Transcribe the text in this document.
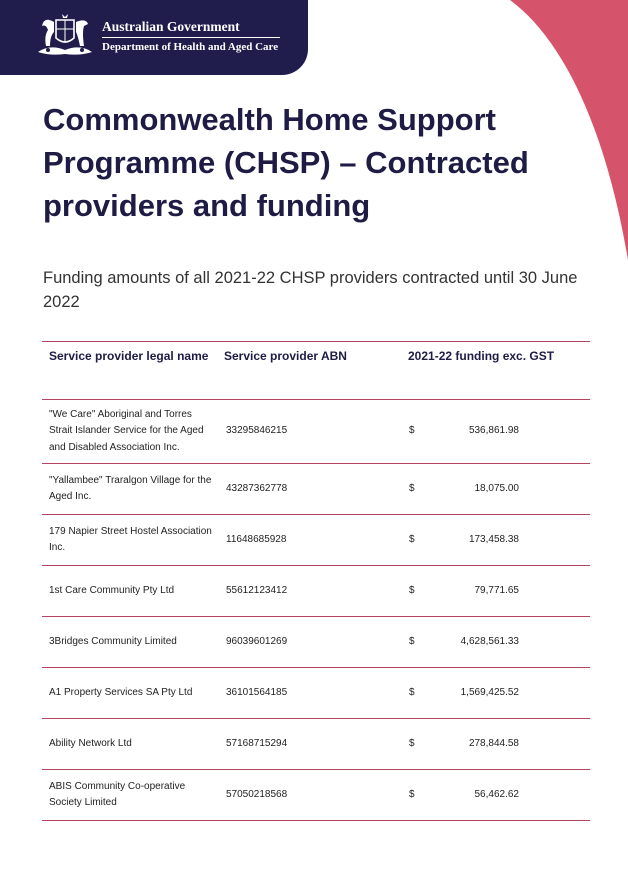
Australian Government
Department of Health and Aged Care
Commonwealth Home Support Programme (CHSP) – Contracted providers and funding

Funding amounts of all 2021-22 CHSP providers contracted until 30 June 2022

Service provider legal name	Service provider ABN	2021-22 funding exc. GST
"We Care" Aboriginal and Torres Strait Islander Service for the Aged and Disabled Association Inc.	33295846215	$ 536,861.98
"Yallambee" Traralgon Village for the Aged Inc.	43287362778	$ 18,075.00
179 Napier Street Hostel Association Inc.	11648685928	$ 173,458.38
1st Care Community Pty Ltd	55612123412	$ 79,771.65
3Bridges Community Limited	96039601269	$ 4,628,561.33
A1 Property Services SA Pty Ltd	36101564185	$ 1,569,425.52
Ability Network Ltd	57168715294	$ 278,844.58
ABIS Community Co-operative Society Limited	57050218568	$ 56,462.62
